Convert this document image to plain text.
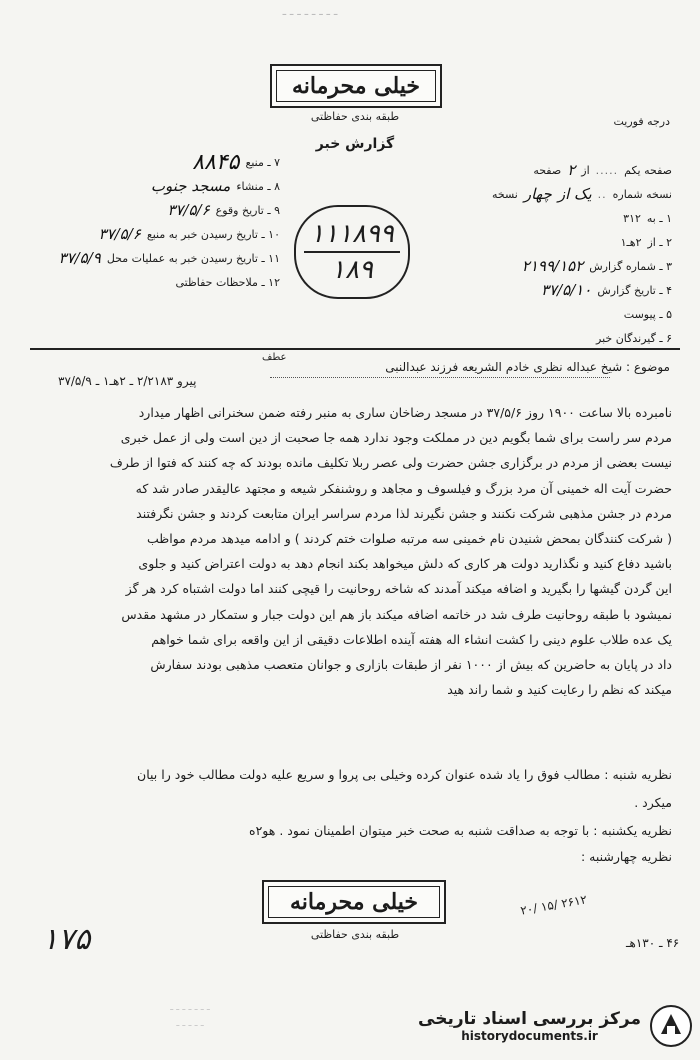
ـ ـ ـ ـ ـ ـ ـ ـ
خیلی محرمانه
طبقه بندی حفاظتی
گزارش خبر
درجه فوریت
صفحه یکم
.....
از
۲
صفحه
نسخه شماره
..
یک از
چهار
نسخه
۱ ـ به
۳۱۲
۲ ـ از
۲هـ۱
۳ ـ شماره گزارش
۲۱۹۹/۱۵۲
۴ ـ تاریخ گزارش
۳۷/۵/۱۰
۵ ـ پیوست
۶ ـ گیرندگان خبر
۷ ـ منبع
۸۸۴۵
۸ ـ منشاء
مسجد جنوب
۹ ـ تاریخ وقوع
۳۷/۵/۶
۱۰ ـ تاریخ رسیدن خبر به منبع
۳۷/۵/۶
۱۱ ـ تاریخ رسیدن خبر به عملیات محل
۳۷/۵/۹
۱۲ ـ ملاحظات حفاظتی
۱۱۱۸۹۹
۱۸۹
موضوع : شیخ عبداله نظری خادم الشریعه فرزند عبدالنبی
عطف
پیرو ۲/۲۱۸۳ ـ ۲هـ۱ ـ ۳۷/۵/۹

نامبرده بالا ساعت ۱۹۰۰ روز ۳۷/۵/۶ در مسجد رضاخان ساری به منبر رفته ضمن سخنرانی اظهار میدارد

مردم سر راست برای شما بگویم دین در مملکت وجود ندارد همه جا صحبت از دین است ولی از عمل خبری

نیست بعضی از مردم در برگزاری جشن حضرت ولی عصر ربلا تکلیف مانده بودند که چه کنند که فتوا از طرف

حضرت آیت اله خمینی آن مرد بزرگ و فیلسوف و مجاهد و روشنفکر شیعه و مجتهد عالیقدر صادر شد که

مردم در جشن مذهبی شرکت نکنند و جشن نگیرند لذا مردم سراسر ایران متابعت کردند و جشن نگرفتند

( شرکت کنندگان بمحض شنیدن نام خمینی سه مرتبه صلوات ختم کردند ) و ادامه میدهد مردم مواظب

باشید دفاع کنید و نگذارید دولت هر کاری که دلش میخواهد بکند انجام دهد به دولت اعتراض کنید و جلوی

این گردن گیشها را بگیرید و اضافه میکند آمدند که شاخه روحانیت را قیچی کنند اما دولت اشتباه کرد هر گز

نمیشود با طبقه روحانیت طرف شد در خاتمه اضافه میکند باز هم این دولت جبار و ستمکار در مشهد مقدس

یک عده طلاب علوم دینی را کشت انشاء اله هفته آینده اطلاعات دقیقی از این واقعه برای شما خواهم

داد در پایان به حاضرین که بیش از ۱۰۰۰ نفر از طبقات بازاری و جوانان متعصب مذهبی بودند سفارش

میکند که نظم را رعایت کنید و شما راند هید

نظریه شنبه : مطالب فوق را یاد شده عنوان کرده وخیلی بی پروا و سریع علیه دولت مطالب خود را بیان
میکرد .
نظریه یکشنبه : با توجه به صداقت شنبه به صحت خبر میتوان اطمینان نمود . هو۲ه
نظریه چهارشنبه :
خیلی محرمانه
طبقه بندی حفاظتی
۱۷۵
۲۰/ ۱۵/ ۲۶۱۲
۴۶ ـ ۱۳۰هـ
ـ ـ ـ ـ ـ ـ ـ
ـ ـ ـ ـ ـ	مرکز بررسی اسناد تاریخی
historydocuments.ir
